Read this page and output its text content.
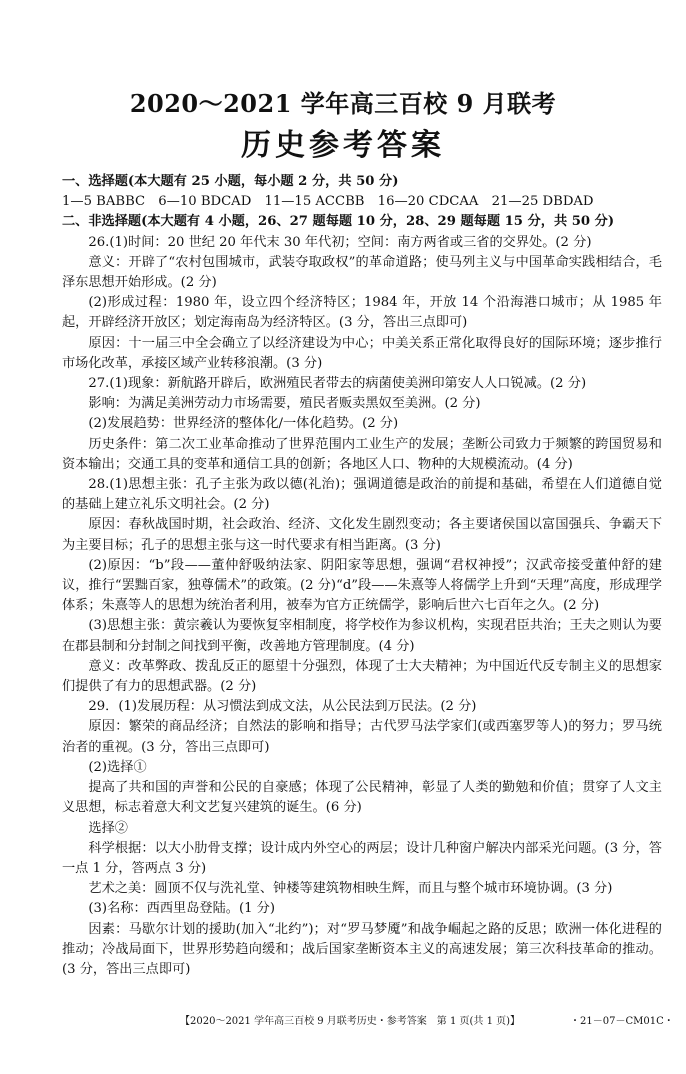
2020～2021 学年高三百校 9 月联考
历史参考答案

一、选择题(本大题有 25 小题，每小题 2 分，共 50 分)

1—5 BABBC　6—10 BDCAD　11—15 ACCBB　16—20 CDCAA　21—25 DBDAD

二、非选择题(本大题有 4 小题，26、27 题每题 10 分，28、29 题每题 15 分，共 50 分)

26.(1)时间：20 世纪 20 年代末 30 年代初；空间：南方两省或三省的交界处。(2 分)

意义：开辟了“农村包围城市，武装夺取政权”的革命道路；使马列主义与中国革命实践相结合，毛泽东思想开始形成。(2 分)

(2)形成过程：1980 年，设立四个经济特区；1984 年，开放 14 个沿海港口城市；从 1985 年起，开辟经济开放区；划定海南岛为经济特区。(3 分，答出三点即可)

原因：十一届三中全会确立了以经济建设为中心；中美关系正常化取得良好的国际环境；逐步推行市场化改革，承接区域产业转移浪潮。(3 分)

27.(1)现象：新航路开辟后，欧洲殖民者带去的病菌使美洲印第安人人口锐减。(2 分)

影响：为满足美洲劳动力市场需要，殖民者贩卖黑奴至美洲。(2 分)

(2)发展趋势：世界经济的整体化/一体化趋势。(2 分)

历史条件：第二次工业革命推动了世界范围内工业生产的发展；垄断公司致力于频繁的跨国贸易和资本输出；交通工具的变革和通信工具的创新；各地区人口、物种的大规模流动。(4 分)

28.(1)思想主张：孔子主张为政以德(礼治)；强调道德是政治的前提和基础，希望在人们道德自觉的基础上建立礼乐文明社会。(2 分)

原因：春秋战国时期，社会政治、经济、文化发生剧烈变动；各主要诸侯国以富国强兵、争霸天下为主要目标；孔子的思想主张与这一时代要求有相当距离。(3 分)

(2)原因：“b”段——董仲舒吸纳法家、阴阳家等思想，强调“君权神授”；汉武帝接受董仲舒的建议，推行“罢黜百家，独尊儒术”的政策。(2 分)“d”段——朱熹等人将儒学上升到“天理”高度，形成理学体系；朱熹等人的思想为统治者利用，被奉为官方正统儒学，影响后世六七百年之久。(2 分)

(3)思想主张：黄宗羲认为要恢复宰相制度，将学校作为参议机构，实现君臣共治；王夫之则认为要在郡县制和分封制之间找到平衡，改善地方管理制度。(4 分)

意义：改革弊政、拨乱反正的愿望十分强烈，体现了士大夫精神；为中国近代反专制主义的思想家们提供了有力的思想武器。(2 分)

29．(1)发展历程：从习惯法到成文法，从公民法到万民法。(2 分)

原因：繁荣的商品经济；自然法的影响和指导；古代罗马法学家们(或西塞罗等人)的努力；罗马统治者的重视。(3 分，答出三点即可)

(2)选择①

提高了共和国的声誉和公民的自豪感；体现了公民精神，彰显了人类的勤勉和价值；贯穿了人文主义思想，标志着意大利文艺复兴建筑的诞生。(6 分)

选择②

科学根据：以大小肋骨支撑；设计成内外空心的两层；设计几种窗户解决内部采光问题。(3 分，答一点 1 分，答两点 3 分)

艺术之美：圆顶不仅与洗礼堂、钟楼等建筑物相映生辉，而且与整个城市环境协调。(3 分)

(3)名称：西西里岛登陆。(1 分)

因素：马歇尔计划的援助(加入“北约”)；对“罗马梦魇”和战争崛起之路的反思；欧洲一体化进程的推动；冷战局面下，世界形势趋向缓和；战后国家垄断资本主义的高速发展；第三次科技革命的推动。(3 分，答出三点即可)

【2020～2021 学年高三百校 9 月联考历史・参考答案　第 1 页(共 1 页)】	・21－07－CM01C・
